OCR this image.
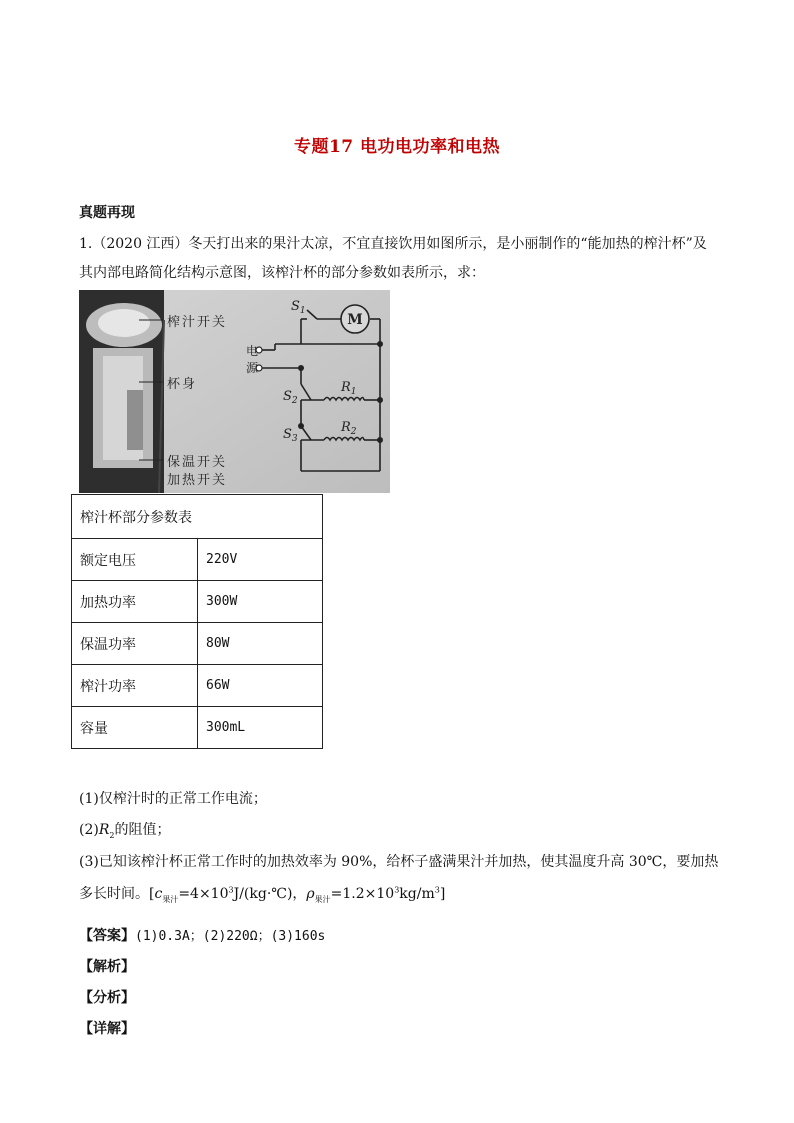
专题17 电功电功率和电热
真题再现
1.（2020 江西）冬天打出来的果汁太凉，不宜直接饮用如图所示，是小丽制作的“能加热的榨汁杯”及
其内部电路简化结构示意图，该榨汁杯的部分参数如表所示，求：
M
$S_1$
$S_2$
$S_3$
$R_1$
$R_2$
电
源
榨汁开关
杯身
保温开关
加热开关
榨汁杯部分参数表	
额定电压	220V
加热功率	300W
保温功率	80W
榨汁功率	66W
容量	300mL
(1)仅榨汁时的正常工作电流；
$(2)R_2$的阻值；
(3)已知该榨汁杯正常工作时的加热效率为 90%，给杯子盛满果汁并加热，使其温度升高 30℃，要加热
多长时间。[$c_{果汁}=4\times 10^3J/(kg\cdot℃)$，$\rho_{果汁}=1.2\times 10^3kg/m^3$]
【答案】(1)0.3A；(2)220Ω；(3)160s
【解析】
【分析】
【详解】
